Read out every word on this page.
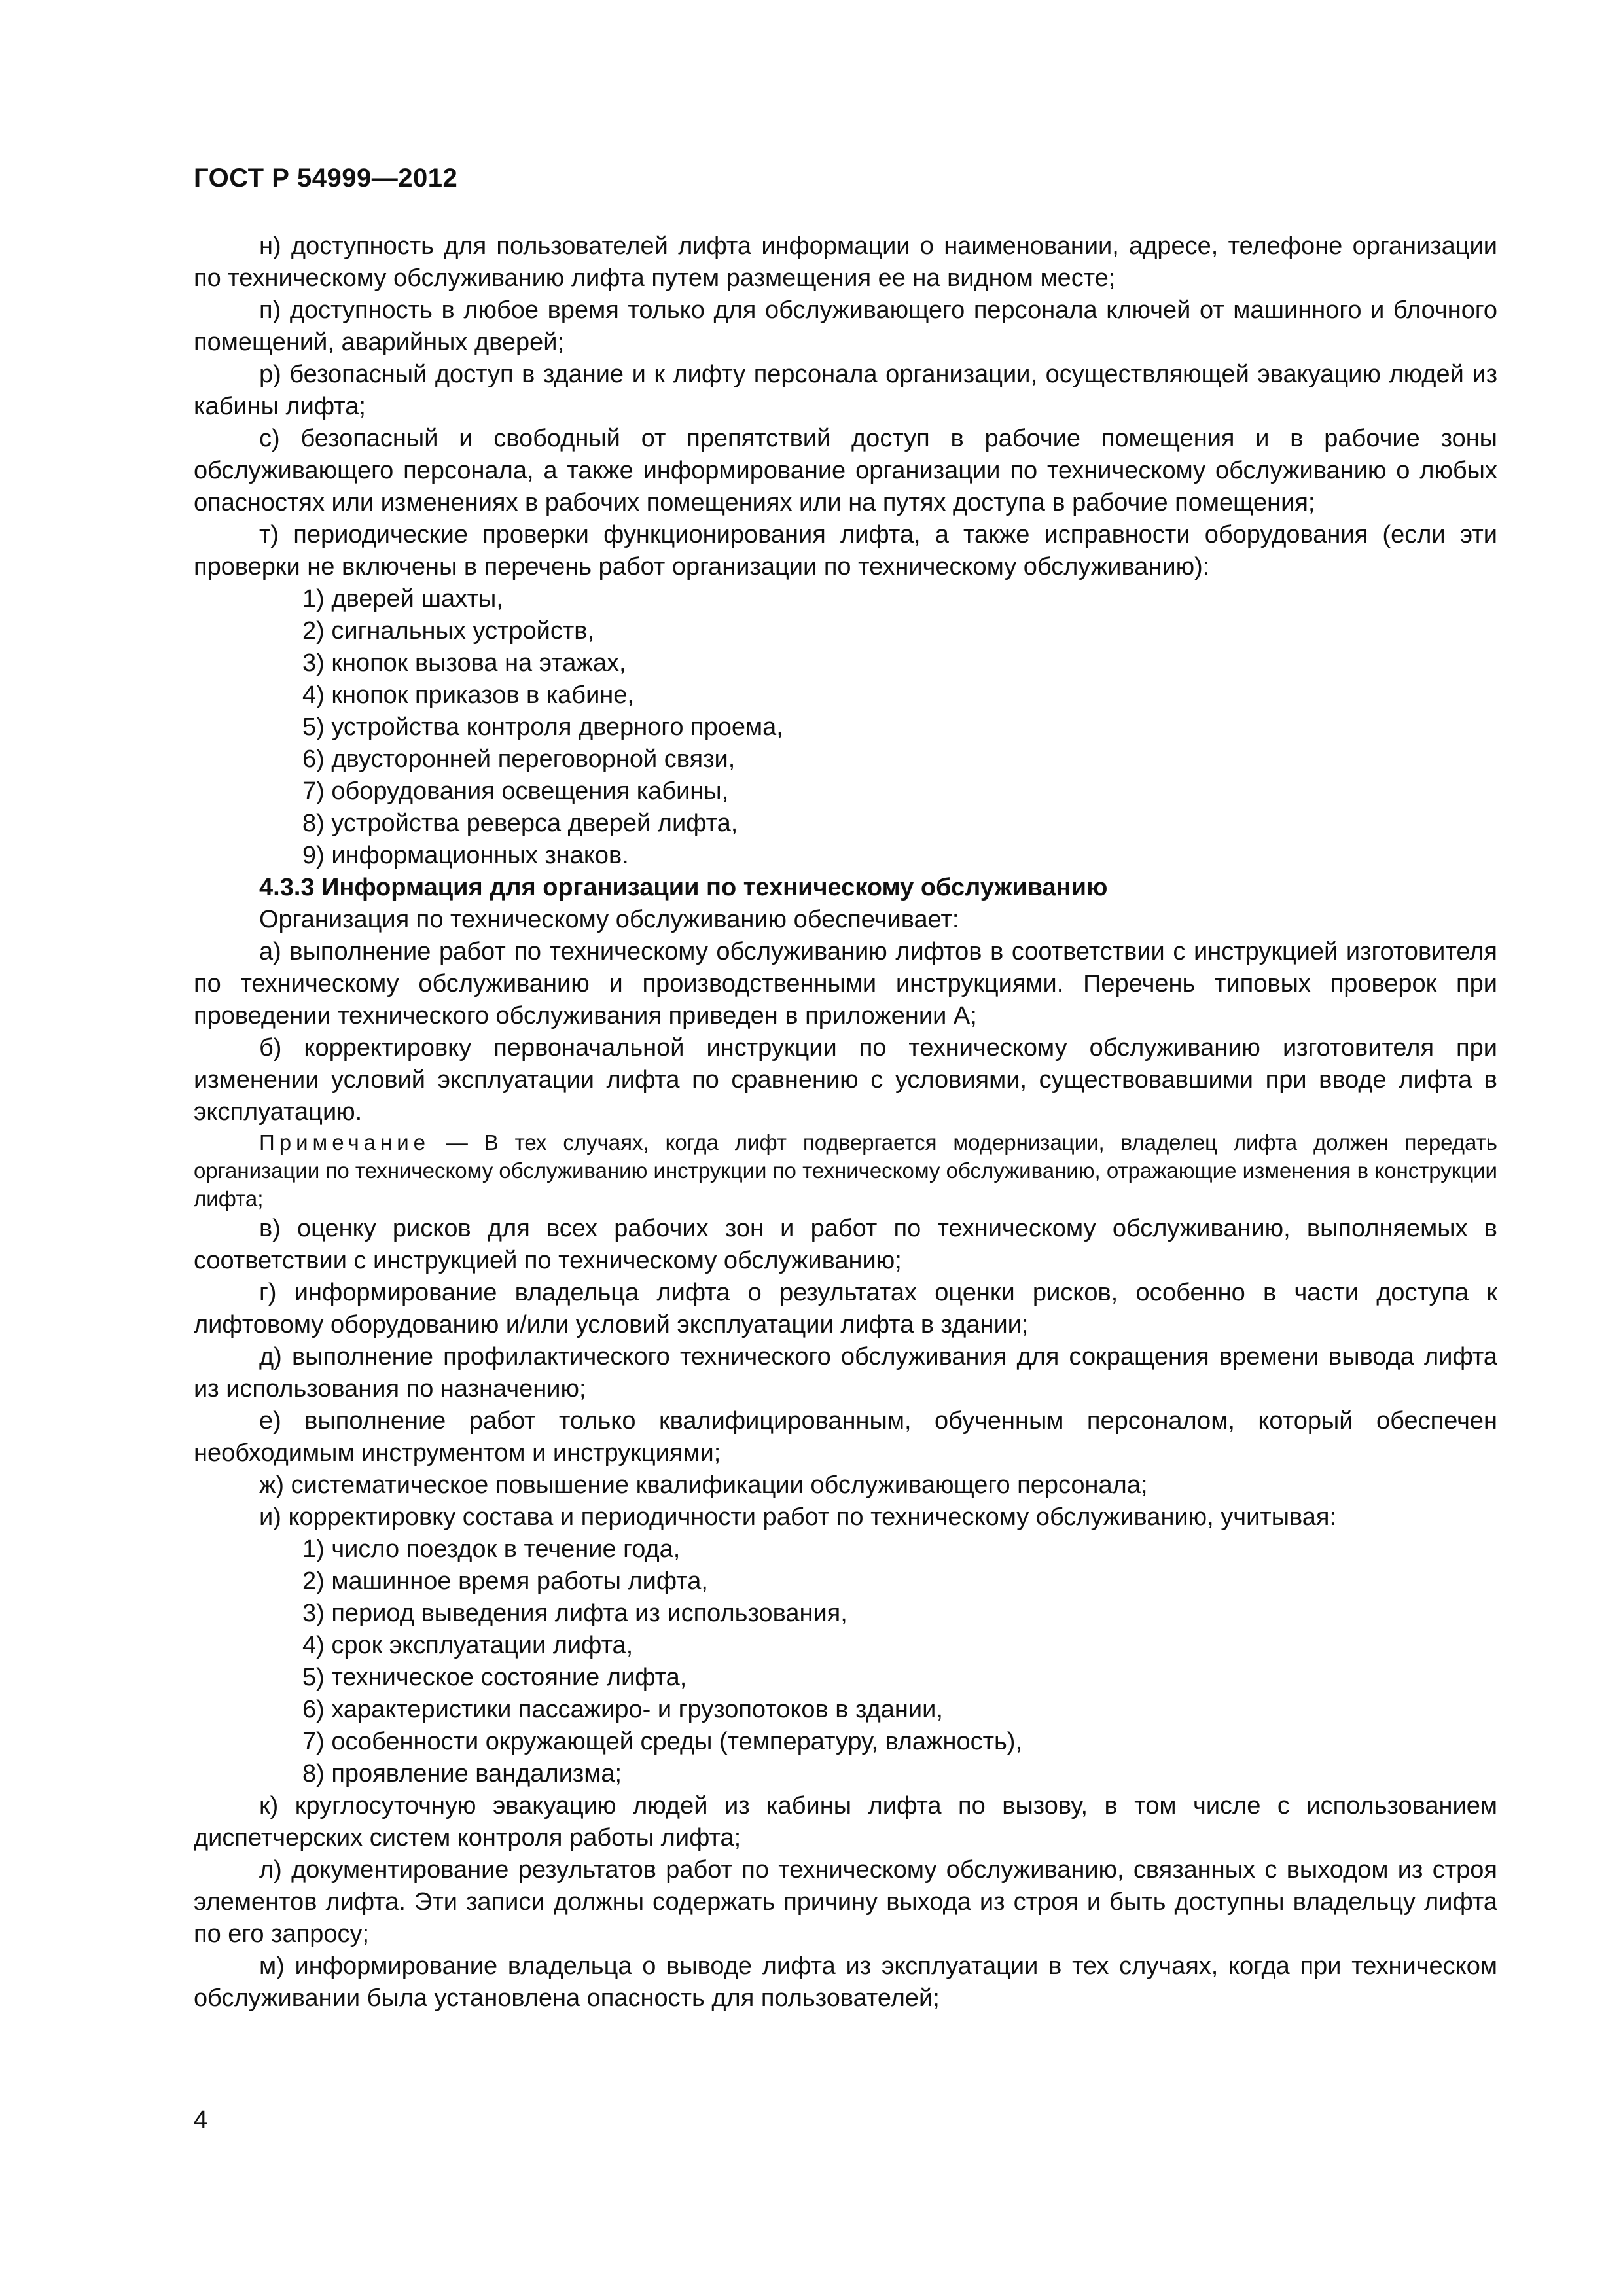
ГОСТ Р 54999—2012

н) доступность для пользователей лифта информации о наименовании, адресе, телефоне организации по техническому обслуживанию лифта путем размещения ее на видном месте;

п) доступность в любое время только для обслуживающего персонала ключей от машинного и блочного помещений, аварийных дверей;

р) безопасный доступ в здание и к лифту персонала организации, осуществляющей эвакуацию людей из кабины лифта;

с) безопасный и свободный от препятствий доступ в рабочие помещения и в рабочие зоны обслуживающего персонала, а также информирование организации по техническому обслуживанию о любых опасностях или изменениях в рабочих помещениях или на путях доступа в рабочие помещения;

т) периодические проверки функционирования лифта, а также исправности оборудования (если эти проверки не включены в перечень работ организации по техническому обслуживанию):

1) дверей шахты,
2) сигнальных устройств,
3) кнопок вызова на этажах,
4) кнопок приказов в кабине,
5) устройства контроля дверного проема,
6) двусторонней переговорной связи,
7) оборудования освещения кабины,
8) устройства реверса дверей лифта,
9) информационных знаков.

4.3.3 Информация для организации по техническому обслуживанию

Организация по техническому обслуживанию обеспечивает:

а) выполнение работ по техническому обслуживанию лифтов в соответствии с инструкцией изготовителя по техническому обслуживанию и производственными инструкциями. Перечень типовых проверок при проведении технического обслуживания приведен в приложении А;

б) корректировку первоначальной инструкции по техническому обслуживанию изготовителя при изменении условий эксплуатации лифта по сравнению с условиями, существовавшими при вводе лифта в эксплуатацию.

Примечание — В тех случаях, когда лифт подвергается модернизации, владелец лифта должен передать организации по техническому обслуживанию инструкции по техническому обслуживанию, отражающие изменения в конструкции лифта;

в) оценку рисков для всех рабочих зон и работ по техническому обслуживанию, выполняемых в соответствии с инструкцией по техническому обслуживанию;

г) информирование владельца лифта о результатах оценки рисков, особенно в части доступа к лифтовому оборудованию и/или условий эксплуатации лифта в здании;

д) выполнение профилактического технического обслуживания для сокращения времени вывода лифта из использования по назначению;

е) выполнение работ только квалифицированным, обученным персоналом, который обеспечен необходимым инструментом и инструкциями;

ж) систематическое повышение квалификации обслуживающего персонала;

и) корректировку состава и периодичности работ по техническому обслуживанию, учитывая:

1) число поездок в течение года,
2) машинное время работы лифта,
3) период выведения лифта из использования,
4) срок эксплуатации лифта,
5) техническое состояние лифта,
6) характеристики пассажиро- и грузопотоков в здании,
7) особенности окружающей среды (температуру, влажность),
8) проявление вандализма;

к) круглосуточную эвакуацию людей из кабины лифта по вызову, в том числе с использованием диспетчерских систем контроля работы лифта;

л) документирование результатов работ по техническому обслуживанию, связанных с выходом из строя элементов лифта. Эти записи должны содержать причину выхода из строя и быть доступны владельцу лифта по его запросу;

м) информирование владельца о выводе лифта из эксплуатации в тех случаях, когда при техническом обслуживании была установлена опасность для пользователей;

4
